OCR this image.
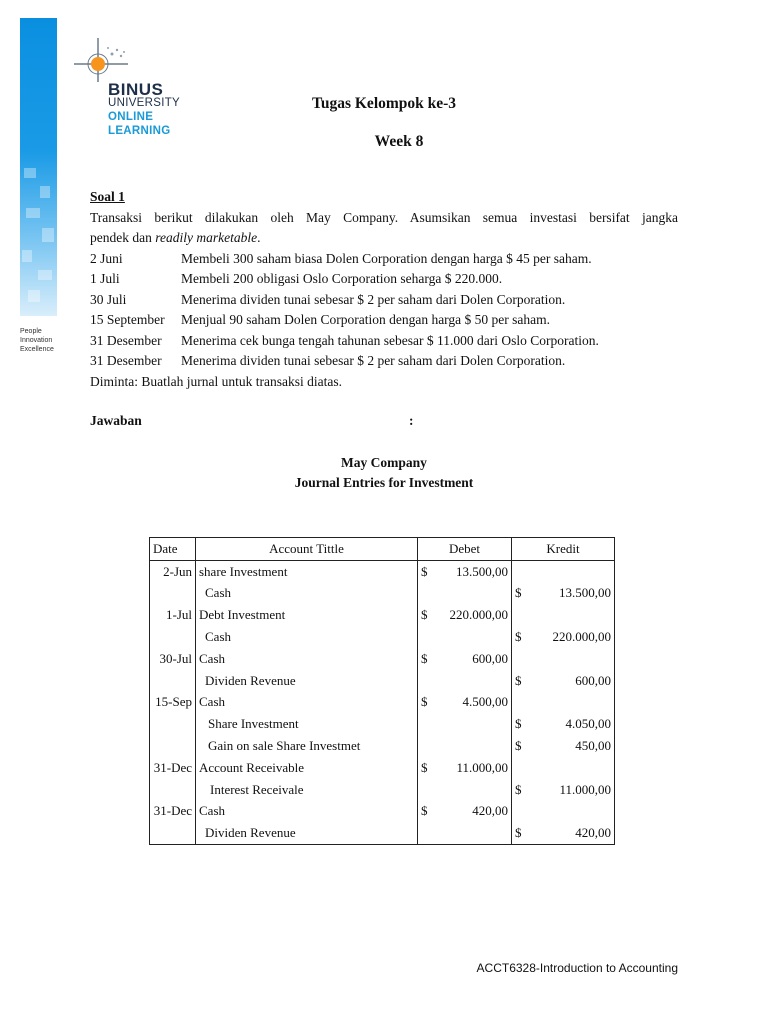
People
Innovation
Excellence
BINUS
UNIVERSITY
ONLINE
LEARNING
Tugas Kelompok ke-3
Week 8
Soal 1
Transaksi berikut dilakukan oleh May Company. Asumsikan semua investasi bersifat jangka
pendek dan readily marketable.
2 Juni	Membeli 300 saham biasa Dolen Corporation dengan harga $ 45 per saham.
1 Juli	Membeli 200 obligasi Oslo Corporation seharga $ 220.000.
30 Juli	Menerima dividen tunai sebesar $ 2 per saham dari Dolen Corporation.
15 September	Menjual 90 saham Dolen Corporation dengan harga $ 50 per saham.
31 Desember	Menerima cek bunga tengah tahunan sebesar $ 11.000 dari Oslo Corporation.
31 Desember	Menerima dividen tunai sebesar $ 2 per saham dari Dolen Corporation.
Diminta: Buatlah jurnal untuk transaksi diatas.
Jawaban	:
May Company
Journal Entries for Investment
Date	Account Tittle	Debet	Kredit
2-Jun	share Investment	$ 13.500,00	

	Cash		$ 13.500,00

1-Jul	Debt Investment	$ 220.000,00	

	Cash		$ 220.000,00

30-Jul	Cash	$ 600,00	

	Dividen Revenue		$ 600,00

15-Sep	Cash	$ 4.500,00	

	Share Investment		$ 4.050,00

	Gain on sale Share Investmet		$ 450,00

31-Dec	Account Receivable	$ 11.000,00	

	Interest Receivale		$ 11.000,00

31-Dec	Cash	$ 420,00	

	Dividen Revenue		$ 420,00
ACCT6328-Introduction to Accounting
